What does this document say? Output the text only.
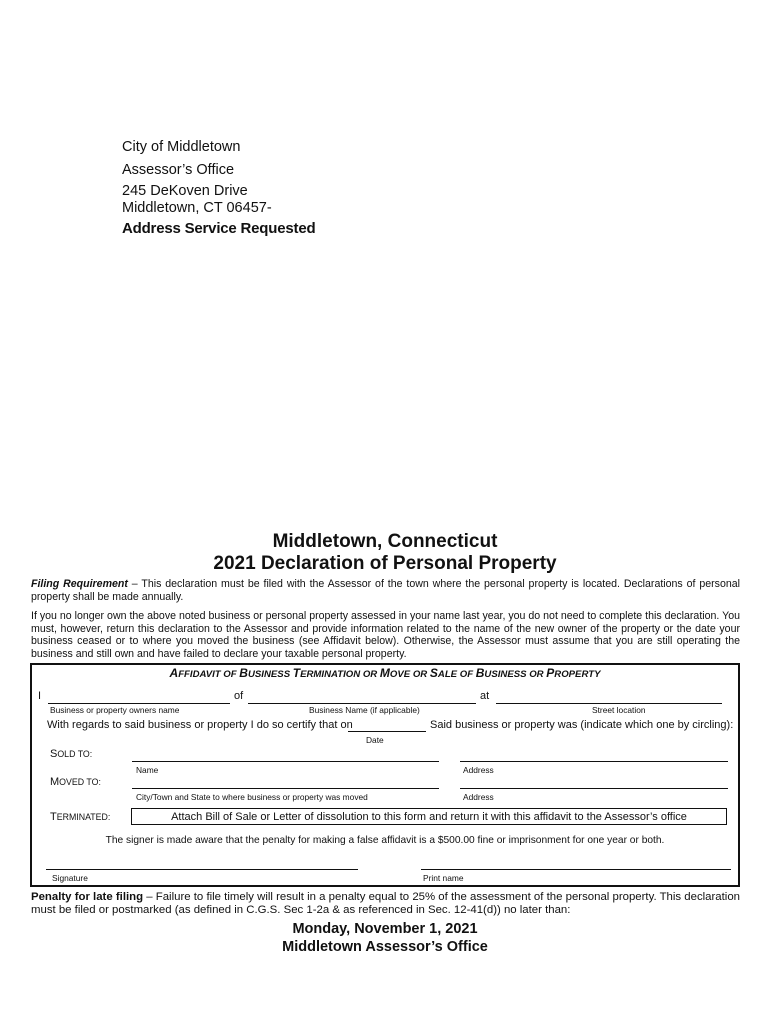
City of Middletown
Assessor’s Office
245 DeKoven Drive
Middletown, CT 06457-
Address Service Requested
Middletown, Connecticut
2021 Declaration of Personal Property
Filing Requirement – This declaration must be filed with the Assessor of the town where the personal property is located. Declarations of personal property shall be made annually.
If you no longer own the above noted business or personal property assessed in your name last year, you do not need to complete this declaration. You must, however, return this declaration to the Assessor and provide information related to the name of the new owner of the property or the date your business ceased or to where you moved the business (see Affidavit below). Otherwise, the Assessor must assume that you are still operating the business and still own and have failed to declare your taxable personal property.
AFFIDAVIT OF BUSINESS TERMINATION OR MOVE OR SALE OF BUSINESS OR PROPERTY
I	of	at
Business or property owners name	Business Name (if applicable)	Street location
With regards to said business or property I do so certify that on	Said business or property was (indicate which one by circling):
Date
SOLD TO:
Name	Address
MOVED TO:
City/Town and State to where business or property was moved	Address
TERMINATED:	Attach Bill of Sale or Letter of dissolution to this form and return it with this affidavit to the Assessor’s office
The signer is made aware that the penalty for making a false affidavit is a $500.00 fine or imprisonment for one year or both.
Signature	Print name
Penalty for late filing – Failure to file timely will result in a penalty equal to 25% of the assessment of the personal property. This declaration must be filed or postmarked (as defined in C.G.S. Sec 1-2a & as referenced in Sec. 12-41(d)) no later than:
Monday, November 1, 2021
Middletown Assessor’s Office
